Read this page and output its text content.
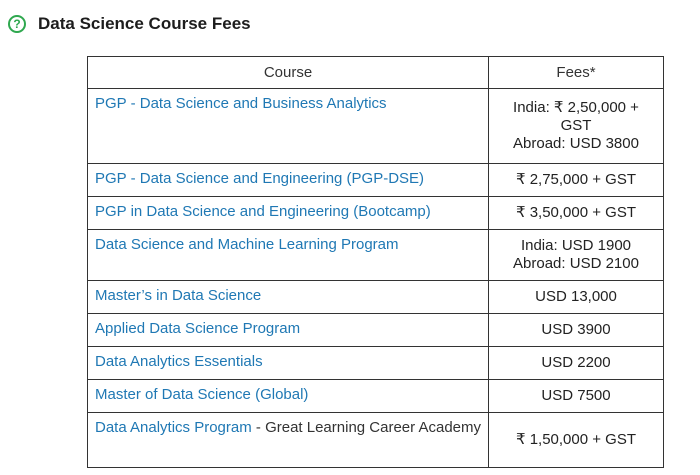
?	Data Science Course Fees
Course	Fees*
PGP - Data Science and Business Analytics	India: ₹ 2,50,000 +
GST
Abroad: USD 3800

PGP - Data Science and Engineering (PGP-DSE)	₹ 2,75,000 + GST

PGP in Data Science and Engineering (Bootcamp)	₹ 3,50,000 + GST

Data Science and Machine Learning Program	India: USD 1900
Abroad: USD 2100

Master’s in Data Science	USD 13,000

Applied Data Science Program	USD 3900

Data Analytics Essentials	USD 2200

Master of Data Science (Global)	USD 7500

Data Analytics Program - Great Learning Career Academy	₹ 1,50,000 + GST
